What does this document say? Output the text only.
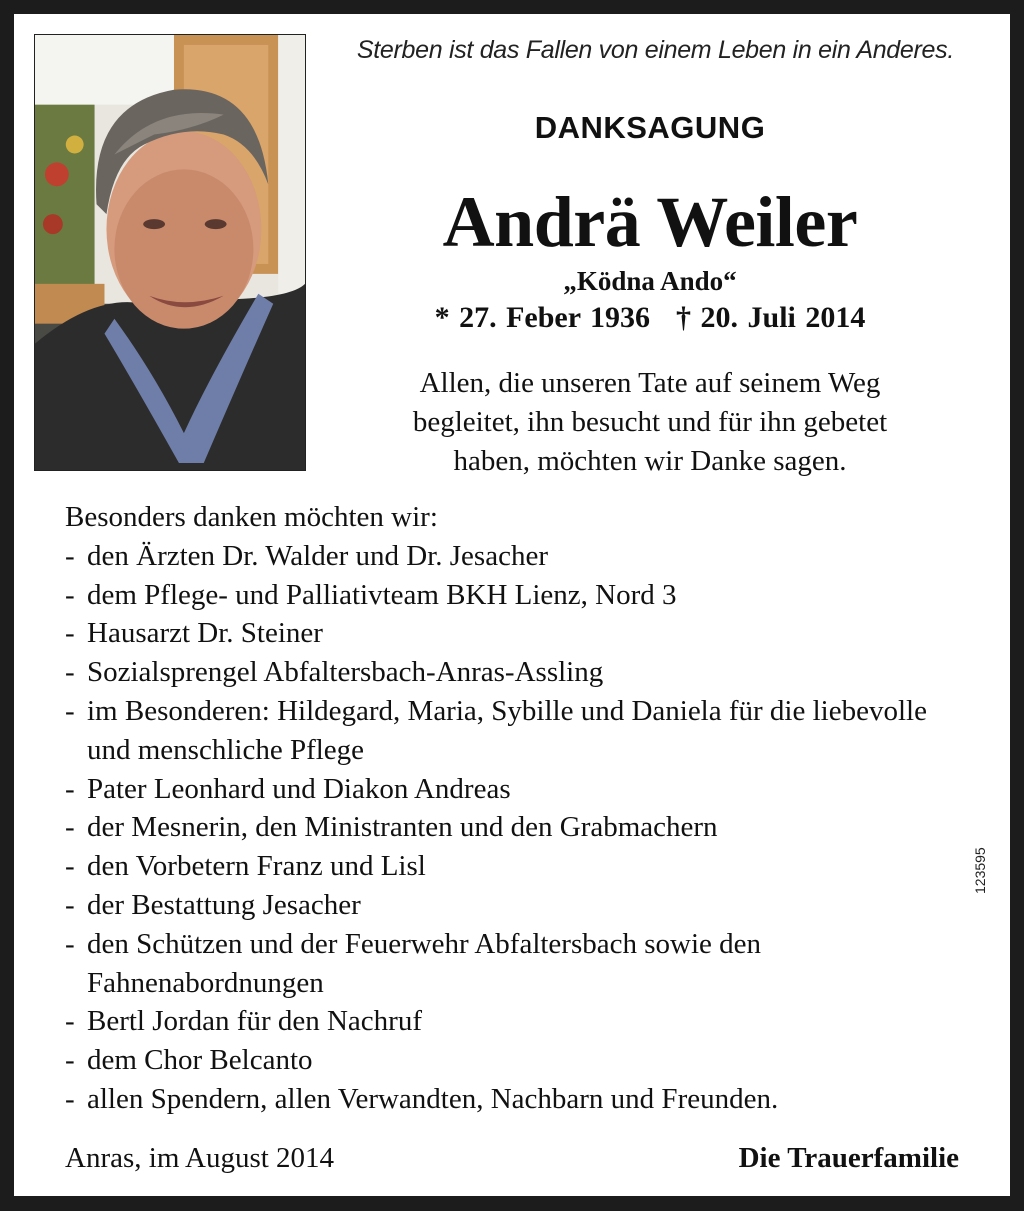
Sterben ist das Fallen von einem Leben in ein Anderes.
DANKSAGUNG
Andrä Weiler
„Ködna Ando“
* 27. Feber 1936 † 20. Juli 2014
Allen, die unseren Tate auf seinem Weg
begleitet, ihn besucht und für ihn gebetet
haben, möchten wir Danke sagen.
Besonders danken möchten wir:
- den Ärzten Dr. Walder und Dr. Jesacher
- dem Pflege- und Palliativteam BKH Lienz, Nord 3
- Hausarzt Dr. Steiner
- Sozialsprengel Abfaltersbach-Anras-Assling
- im Besonderen: Hildegard, Maria, Sybille und Daniela für die liebevolle und menschliche Pflege
- Pater Leonhard und Diakon Andreas
- der Mesnerin, den Ministranten und den Grabmachern
- den Vorbetern Franz und Lisl
- der Bestattung Jesacher
- den Schützen und der Feuerwehr Abfaltersbach sowie den Fahnenabordnungen
- Bertl Jordan für den Nachruf
- dem Chor Belcanto
- allen Spendern, allen Verwandten, Nachbarn und Freunden.
Anras, im August 2014	Die Trauerfamilie
123595
